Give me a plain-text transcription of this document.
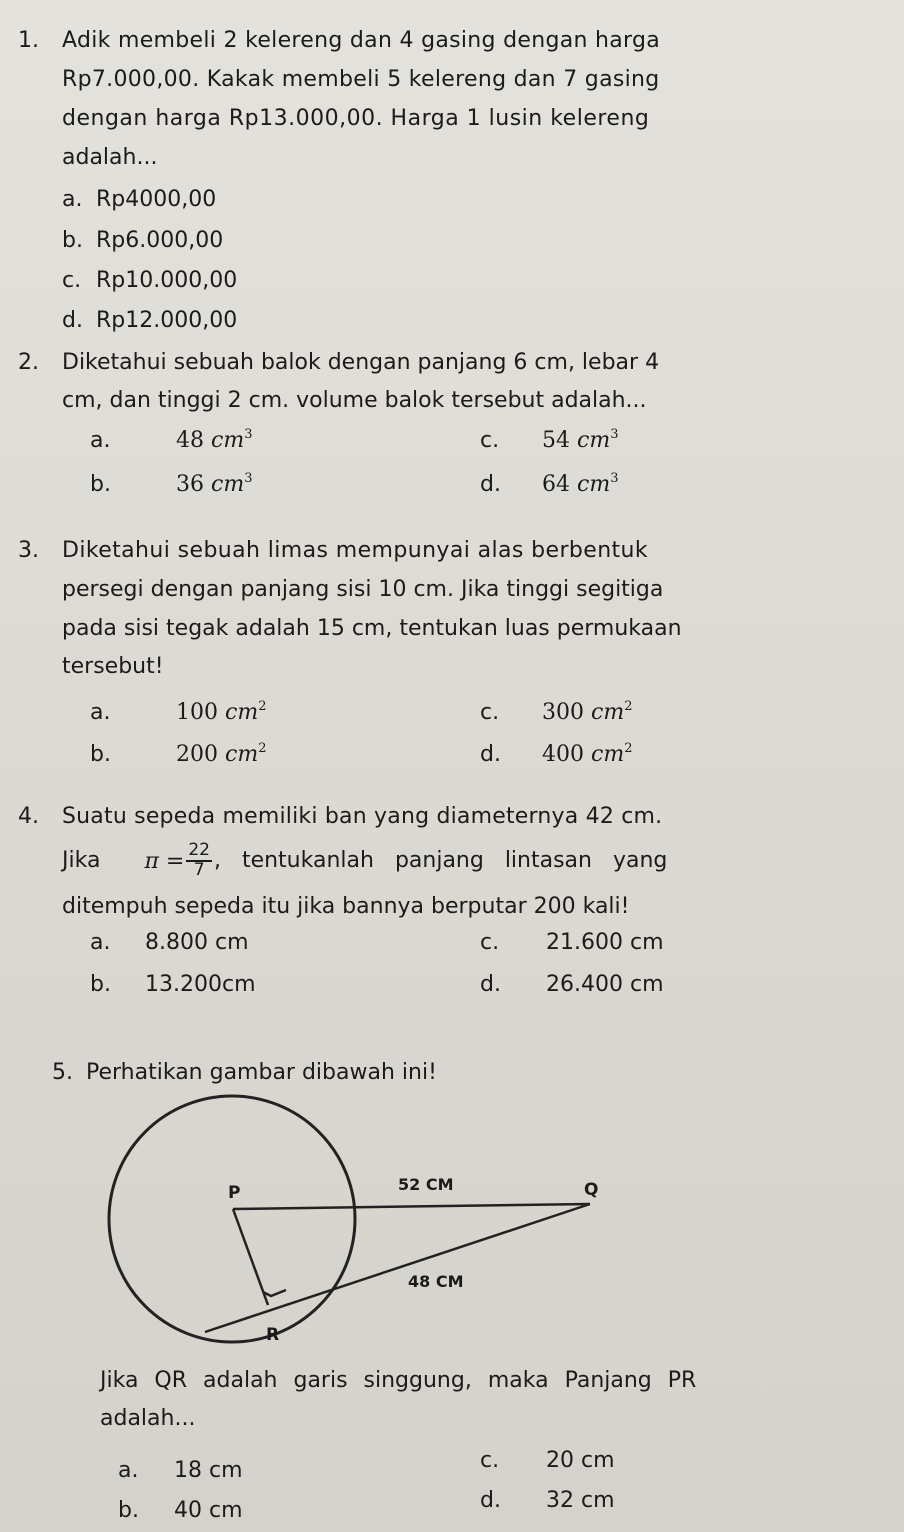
1. Adik membeli 2 kelereng dan 4 gasing dengan harga
Rp7.000,00. Kakak membeli 5 kelereng dan 7 gasing
dengan harga Rp13.000,00. Harga 1 lusin kelereng
adalah...
a. Rp4000,00
b. Rp6.000,00
c. Rp10.000,00
d. Rp12.000,00
2. Diketahui sebuah balok dengan panjang 6 cm, lebar 4
cm, dan tinggi 2 cm. volume balok tersebut adalah...
a.	48 $cm^3$
b.	36 $cm^3$
c. 54 $cm^3$
d. 64 $cm^3$
3. Diketahui sebuah limas mempunyai alas berbentuk
persegi dengan panjang sisi 10 cm. Jika tinggi segitiga
pada sisi tegak adalah 15 cm, tentukan luas permukaan
tersebut!
a.	100 $cm^2$
b.	200 $cm^2$
c. 300 $cm^2$
d. 400 $cm^2$
4. Suatu sepeda memiliki ban yang diameternya 42 cm.
Jika $\pi = \frac{22}{7}$ , tentukanlah panjang lintasan yang
ditempuh sepeda itu jika bannya berputar 200 kali!
a. 8.800 cm
b. 13.200cm
c. 21.600 cm
d. 26.400 cm
5. Perhatikan gambar dibawah ini!
P	Q
R
52 CM
48 CM
Jika QR adalah garis singgung, maka Panjang PR
adalah...
a. 18 cm
b. 40 cm
c. 20 cm
d. 32 cm
